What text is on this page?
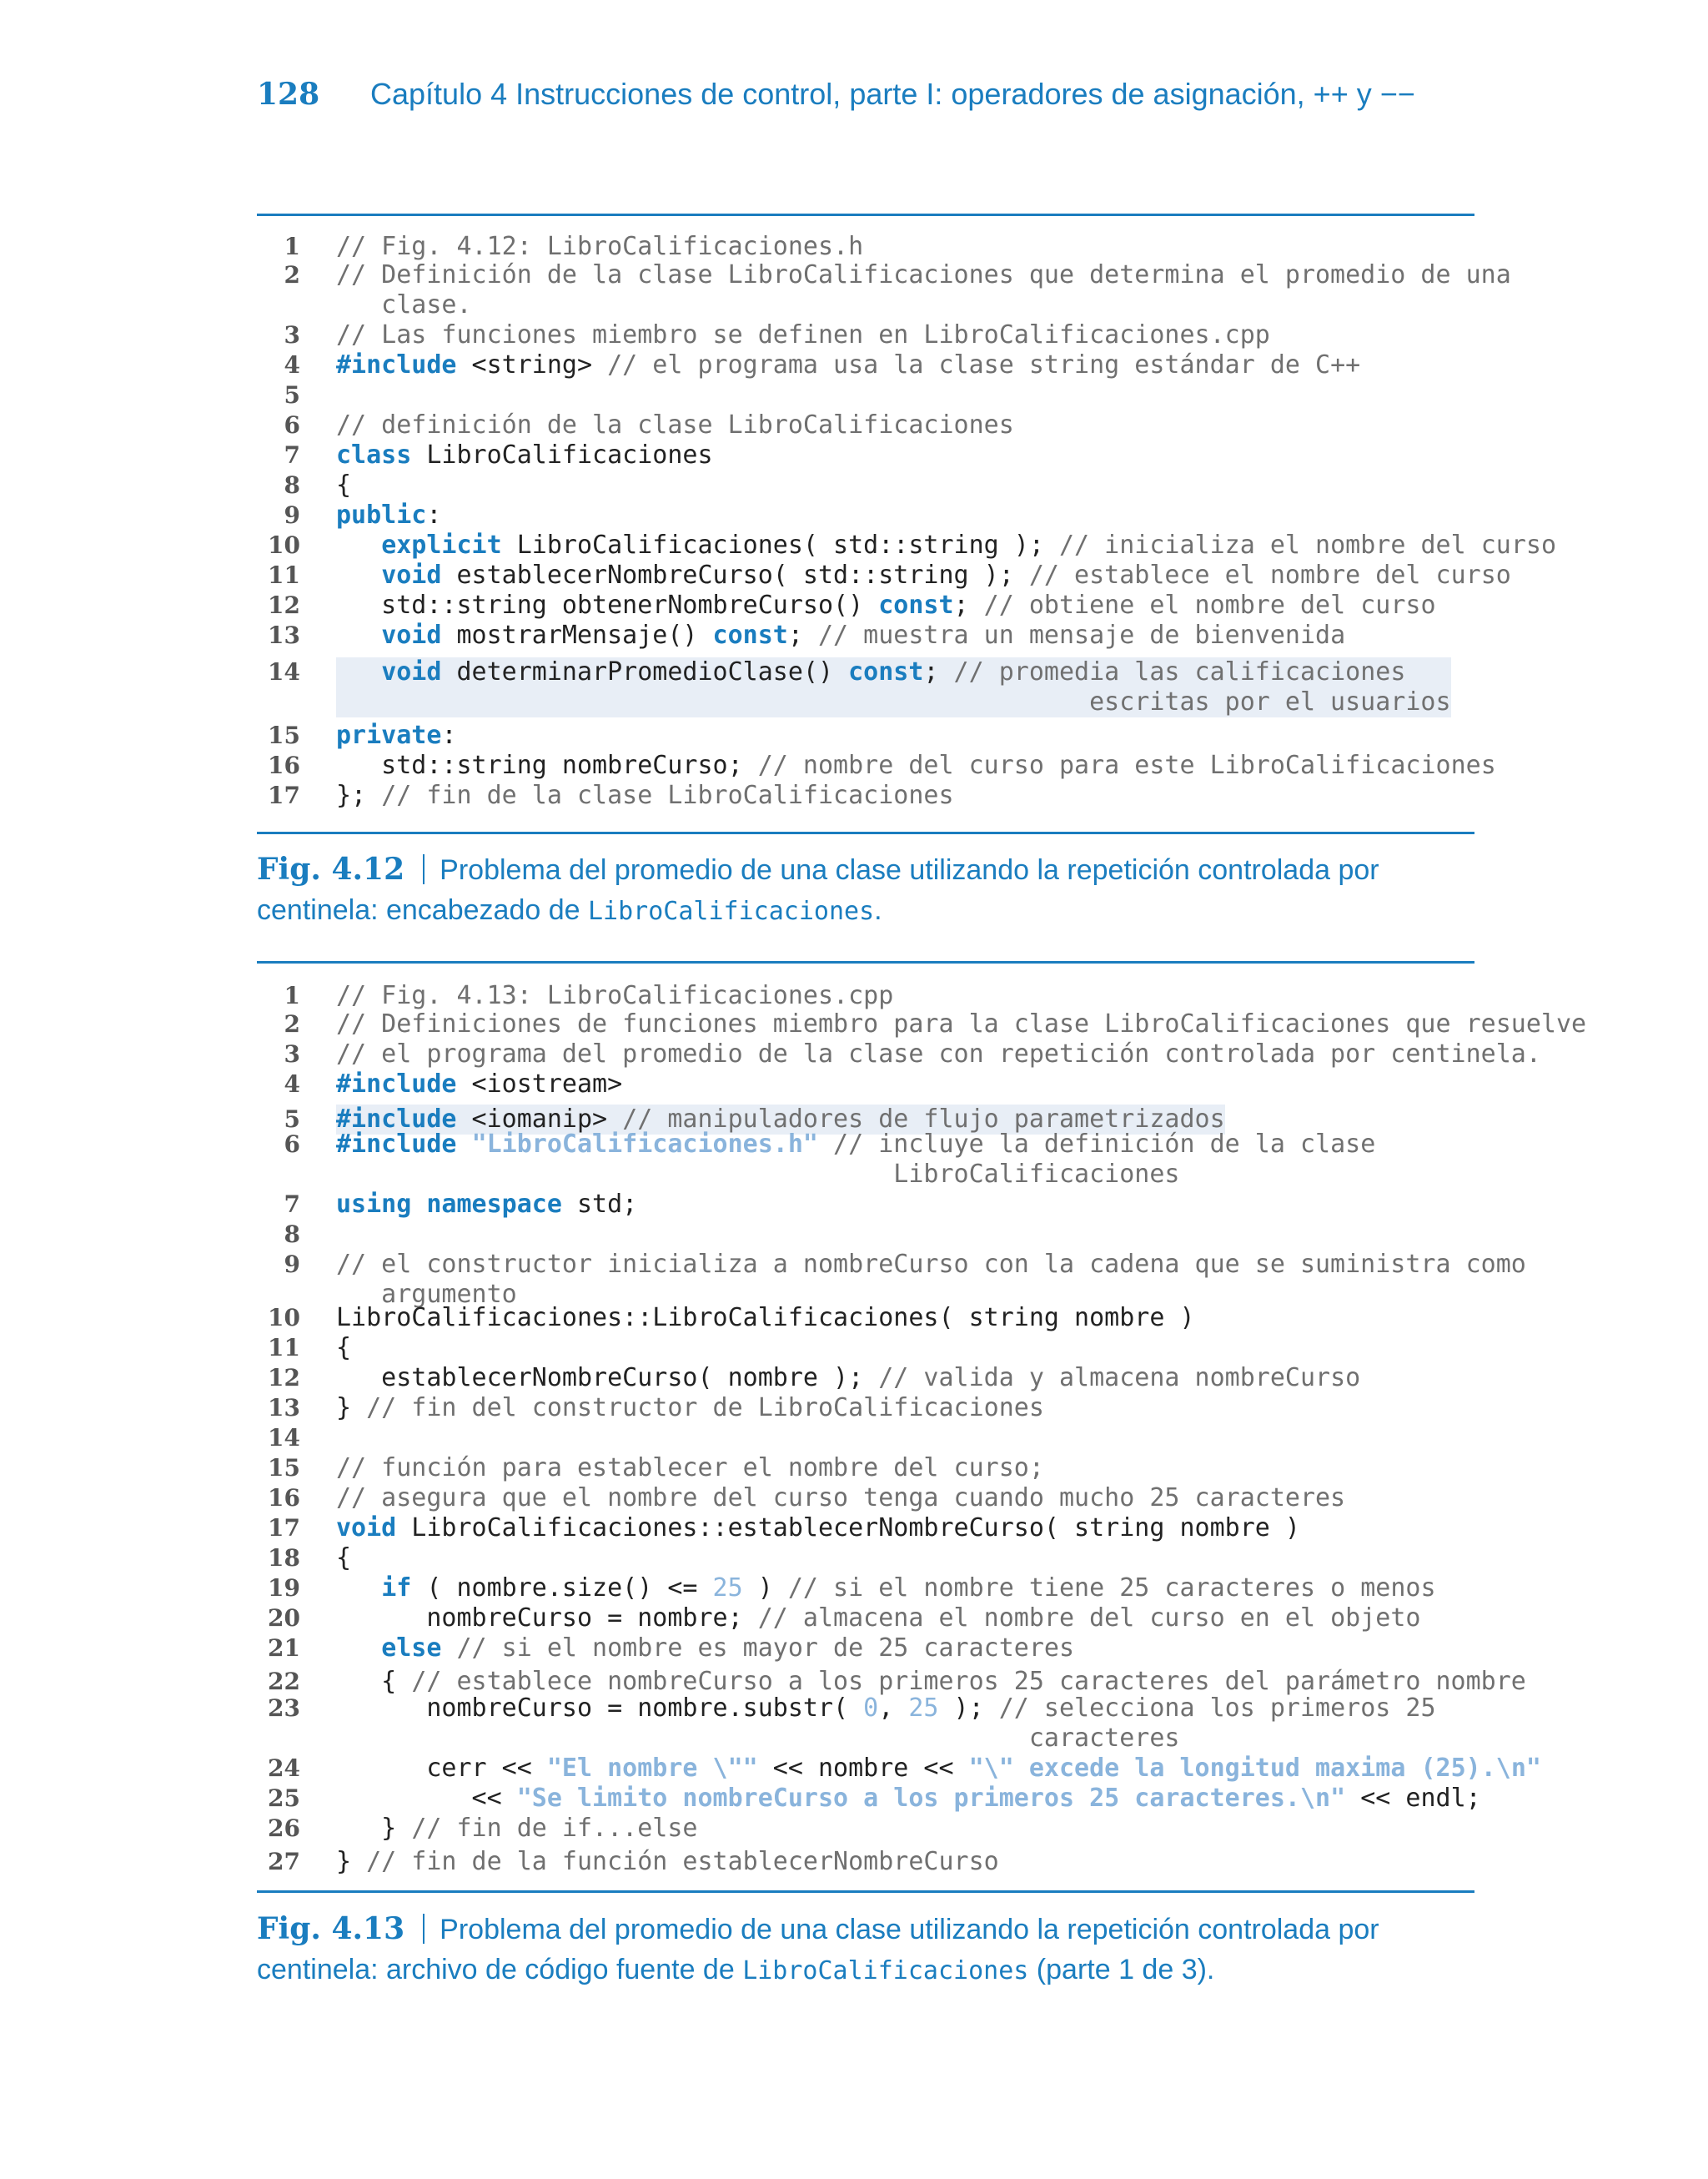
128 Capítulo 4 Instrucciones de control, parte I: operadores de asignación, ++ y −−
1 // Fig. 4.12: LibroCalificaciones.h
2 // Definición de la clase LibroCalificaciones que determina el promedio de una
clase.
3 // Las funciones miembro se definen en LibroCalificaciones.cpp
4 #include <string> // el programa usa la clase string estándar de C++
5
6 // definición de la clase LibroCalificaciones
7 class LibroCalificaciones
8 {
9 public:
10	explicit LibroCalificaciones( std::string ); // inicializa el nombre del curso
11	void establecerNombreCurso( std::string ); // establece el nombre del curso
12 std::string obtenerNombreCurso() const; // obtiene el nombre del curso
13	void mostrarMensaje() const; // muestra un mensaje de bienvenida
14	void determinarPromedioClase() const; // promedia las calificaciones
escritas por el usuarios
15 private:
16 std::string nombreCurso; // nombre del curso para este LibroCalificaciones
17 }; // fin de la clase LibroCalificaciones
Fig. 4.12 Problema del promedio de una clase utilizando la repetición controlada por centinela: encabezado de LibroCalificaciones.
1 // Fig. 4.13: LibroCalificaciones.cpp
2 // Definiciones de funciones miembro para la clase LibroCalificaciones que resuelve
3 // el programa del promedio de la clase con repetición controlada por centinela.
4 #include <iostream>
5 #include <iomanip> // manipuladores de flujo parametrizados
6 #include "LibroCalificaciones.h" // incluye la definición de la clase
LibroCalificaciones
7 using namespace std;
8
9 // el constructor inicializa a nombreCurso con la cadena que se suministra como
argumento
10 LibroCalificaciones::LibroCalificaciones( string nombre )
11 {
12 establecerNombreCurso( nombre ); // valida y almacena nombreCurso
13 } // fin del constructor de LibroCalificaciones
14
15 // función para establecer el nombre del curso;
16 // asegura que el nombre del curso tenga cuando mucho 25 caracteres
17 void LibroCalificaciones::establecerNombreCurso( string nombre )
18 {
19	if ( nombre.size() <= 25 ) // si el nombre tiene 25 caracteres o menos
20 nombreCurso = nombre; // almacena el nombre del curso en el objeto
21	else // si el nombre es mayor de 25 caracteres
22 { // establece nombreCurso a los primeros 25 caracteres del parámetro nombre
23 nombreCurso = nombre.substr( 0, 25 ); // selecciona los primeros 25
caracteres
24 cerr << "El nombre \"" << nombre << "\" excede la longitud maxima (25).\n"
25 << "Se limito nombreCurso a los primeros 25 caracteres.\n" << endl;
26 } // fin de if...else
27 } // fin de la función establecerNombreCurso
Fig. 4.13 Problema del promedio de una clase utilizando la repetición controlada por centinela: archivo de código fuente de LibroCalificaciones (parte 1 de 3).
